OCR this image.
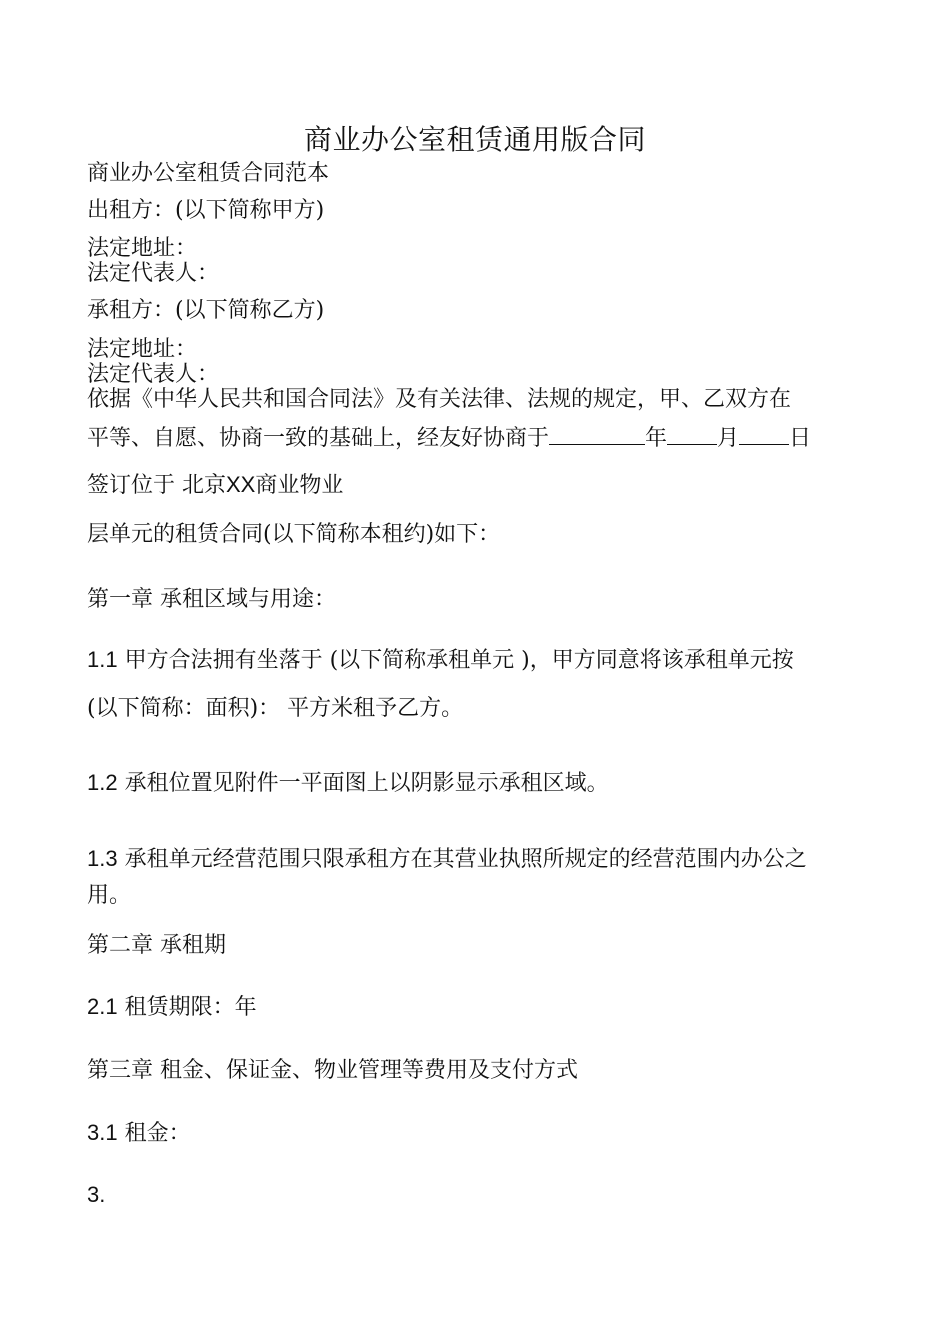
商业办公室租赁通用版合同
商业办公室租赁合同范本
出租方：(以下简称甲方)
法定地址：
法定代表人：
承租方：(以下简称乙方)
法定地址：
法定代表人：
依据《中华人民共和国合同法》及有关法律、法规的规定，甲、乙双方在
平等、自愿、协商一致的基础上，经友好协商于	年 月 日
签订位于 北京XX商业物业
层单元的租赁合同(以下简称本租约)如下：
第一章 承租区域与用途：
1.1 甲方合法拥有坐落于 (以下简称承租单元 )，甲方同意将该承租单元按
(以下简称：面积)： 平方米租予乙方。
1.2 承租位置见附件一平面图上以阴影显示承租区域。
1.3 承租单元经营范围只限承租方在其营业执照所规定的经营范围内办公之
用。
第二章 承租期
2.1 租赁期限：年
第三章 租金、保证金、物业管理等费用及支付方式
3.1 租金：
3.
